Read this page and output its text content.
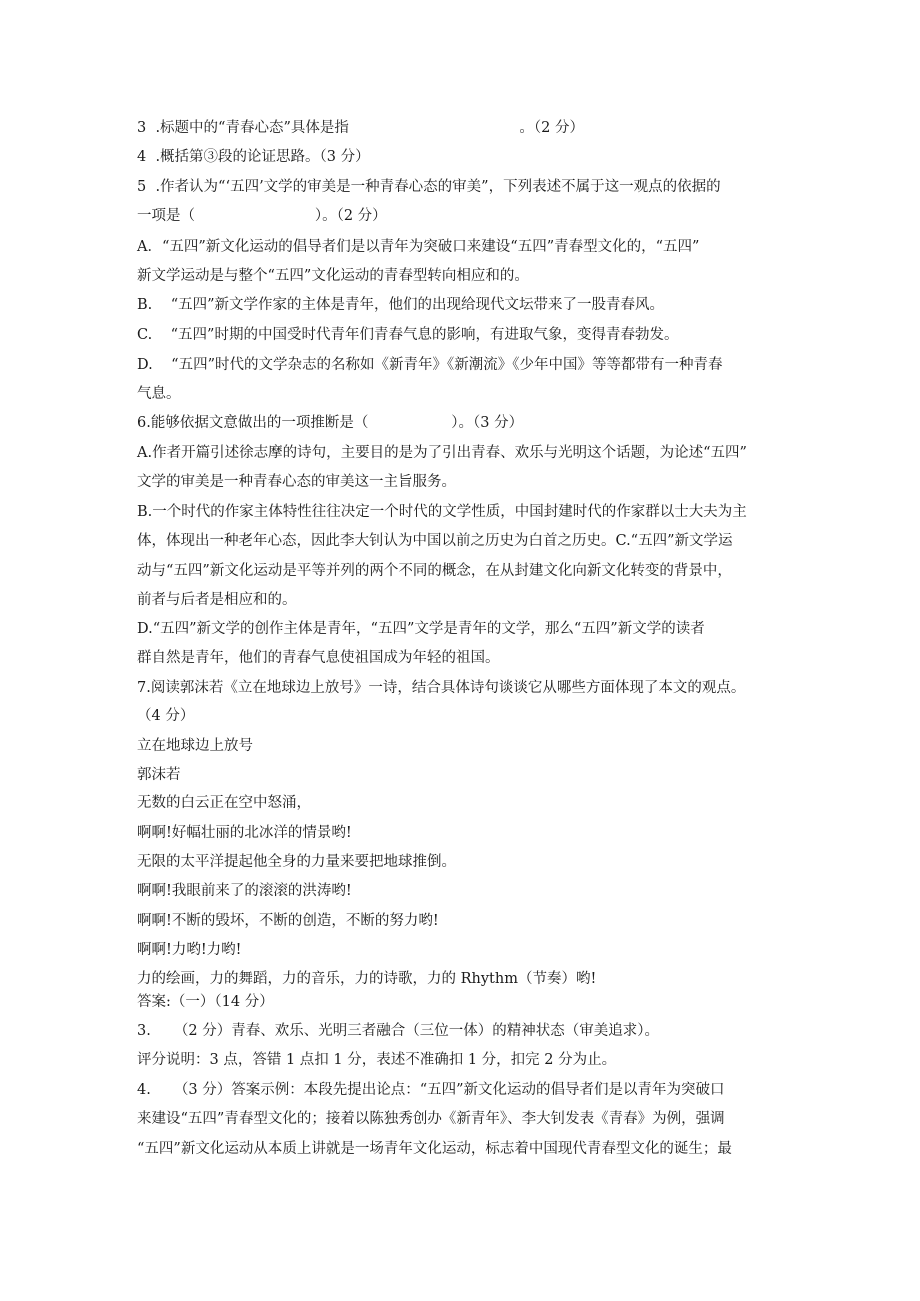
3  .标题中的“青春心态”具体是指                                     。（2 分）
4  .概括第③段的论证思路。（3 分）
5  .作者认为“‘五四’文学的审美是一种青春心态的审美”，下列表述不属于这一观点的依据的
一项是（                          ）。（2 分）
A．“五四”新文化运动的倡导者们是以青年为突破口来建设“五四”青春型文化的，“五四”
新文学运动是与整个“五四”文化运动的青春型转向相应和的。
B.    “五四”新文学作家的主体是青年，他们的出现给现代文坛带来了一股青春风。
C.    “五四”时期的中国受时代青年们青春气息的影响，有进取气象，变得青春勃发。
D.    “五四”时代的文学杂志的名称如《新青年》《新潮流》《少年中国》等等都带有一种青春
气息。
6.能够依据文意做出的一项推断是（                  ）。（3 分）
A.作者开篇引述徐志摩的诗句，主要目的是为了引出青春、欢乐与光明这个话题，为论述“五四”
文学的审美是一种青春心态的审美这一主旨服务。
B.一个时代的作家主体特性往往决定一个时代的文学性质，中国封建时代的作家群以士大夫为主
体，体现出一种老年心态，因此李大钊认为中国以前之历史为白首之历史。C.“五四”新文学运
动与“五四”新文化运动是平等并列的两个不同的概念，在从封建文化向新文化转变的背景中，
前者与后者是相应和的。
D.“五四”新文学的创作主体是青年，“五四”文学是青年的文学，那么“五四”新文学的读者
群自然是青年，他们的青春气息使祖国成为年轻的祖国。
7.阅读郭沫若《立在地球边上放号》一诗，结合具体诗句谈谈它从哪些方面体现了本文的观点。
（4 分）
立在地球边上放号
郭沫若
无数的白云正在空中怒涌，
啊啊!好幅壮丽的北冰洋的情景哟!
无限的太平洋提起他全身的力量来要把地球推倒。
啊啊!我眼前来了的滚滚的洪涛哟!
啊啊!不断的毁坏，不断的创造，不断的努力哟!
啊啊!力哟!力哟!
力的绘画，力的舞蹈，力的音乐，力的诗歌，力的 Rhythm（节奏）哟!
答案:（一）（14 分）
3.     （2 分）青春、欢乐、光明三者融合（三位一体）的精神状态（审美追求）。
评分说明：3 点，答错 1 点扣 1 分，表述不准确扣 1 分，扣完 2 分为止。
4.     （3 分）答案示例：本段先提出论点：“五四”新文化运动的倡导者们是以青年为突破口
来建设“五四”青春型文化的；接着以陈独秀创办《新青年》、李大钊发表《青春》为例，强调
“五四”新文化运动从本质上讲就是一场青年文化运动，标志着中国现代青春型文化的诞生；最
